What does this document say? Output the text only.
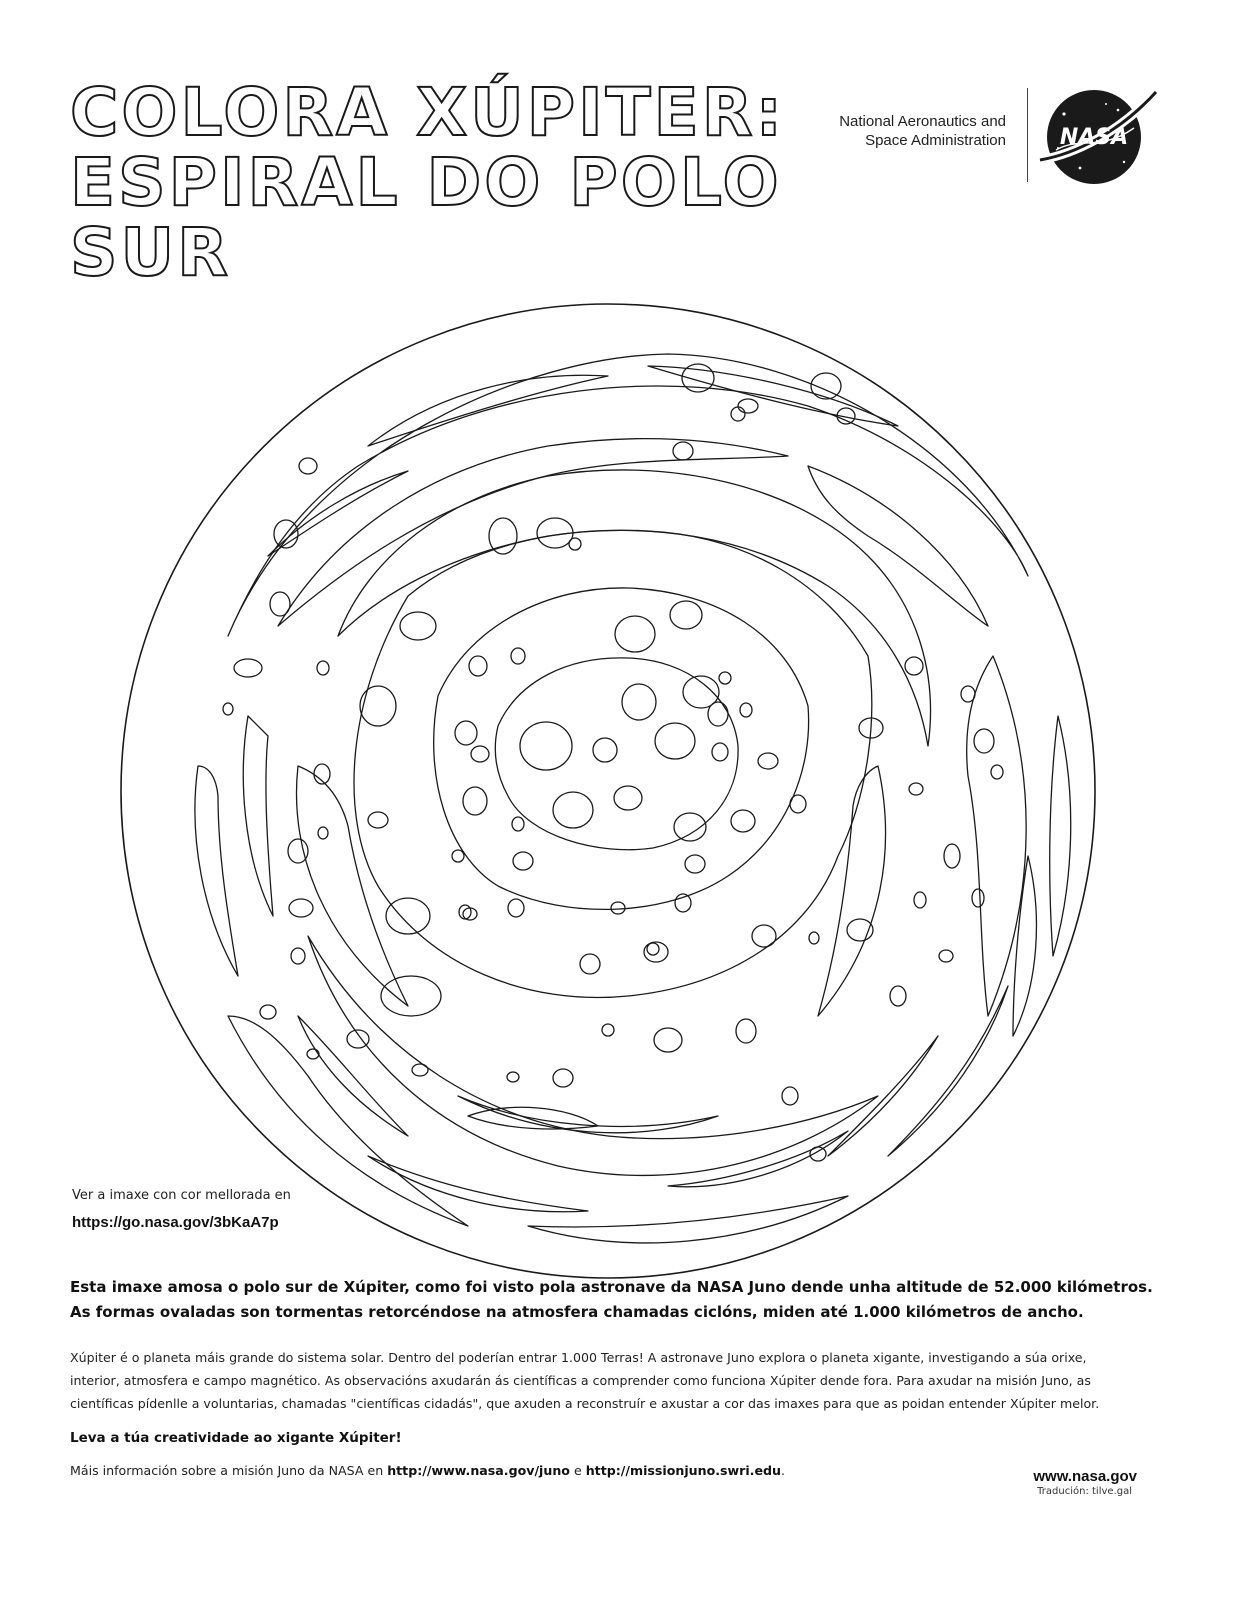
COLORA XÚPITER:
ESPIRAL DO POLO
SUR
National Aeronautics and
Space Administration NASA
Ver a imaxe con cor mellorada en
https://go.nasa.gov/3bKaA7p

Esta imaxe amosa o polo sur de Xúpiter, como foi visto pola astronave da NASA Juno dende unha altitude de 52.000 kilómetros.
As formas ovaladas son tormentas retorcéndose na atmosfera chamadas ciclóns, miden até 1.000 kilómetros de ancho.

Xúpiter é o planeta máis grande do sistema solar. Dentro del poderían entrar 1.000 Terras! A astronave Juno explora o planeta xigante, investigando a súa orixe,
interior, atmosfera e campo magnético. As observacións axudarán ás científicas a comprender como funciona Xúpiter dende fora. Para axudar na misión Juno, as
científicas pídenlle a voluntarias, chamadas "científicas cidadás", que axuden a reconstruír e axustar a cor das imaxes para que as poidan entender Xúpiter melor.

Leva a túa creatividade ao xigante Xúpiter!

Máis información sobre a misión Juno da NASA en http://www.nasa.gov/juno e http://missionjuno.swri.edu.	www.nasa.gov
Tradución: tilve.gal
